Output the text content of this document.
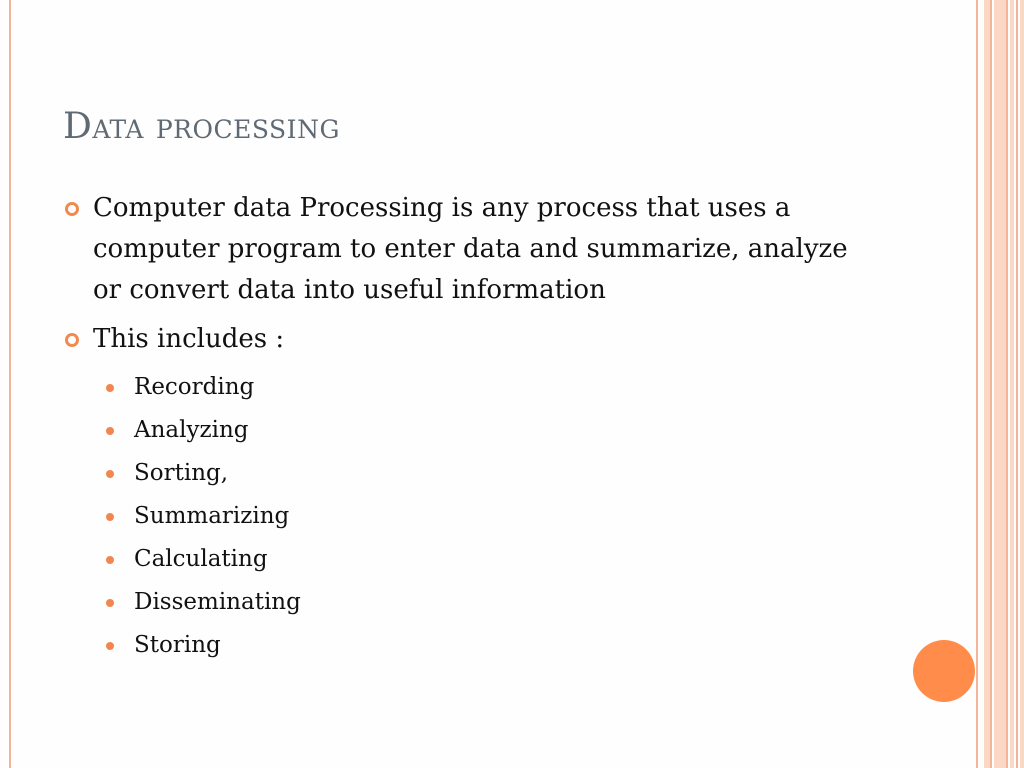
Data processing
Computer data Processing is any process that uses a computer program to enter data and summarize, analyze or convert data into useful information
This includes :
Recording
Analyzing
Sorting,
Summarizing
Calculating
Disseminating
Storing
